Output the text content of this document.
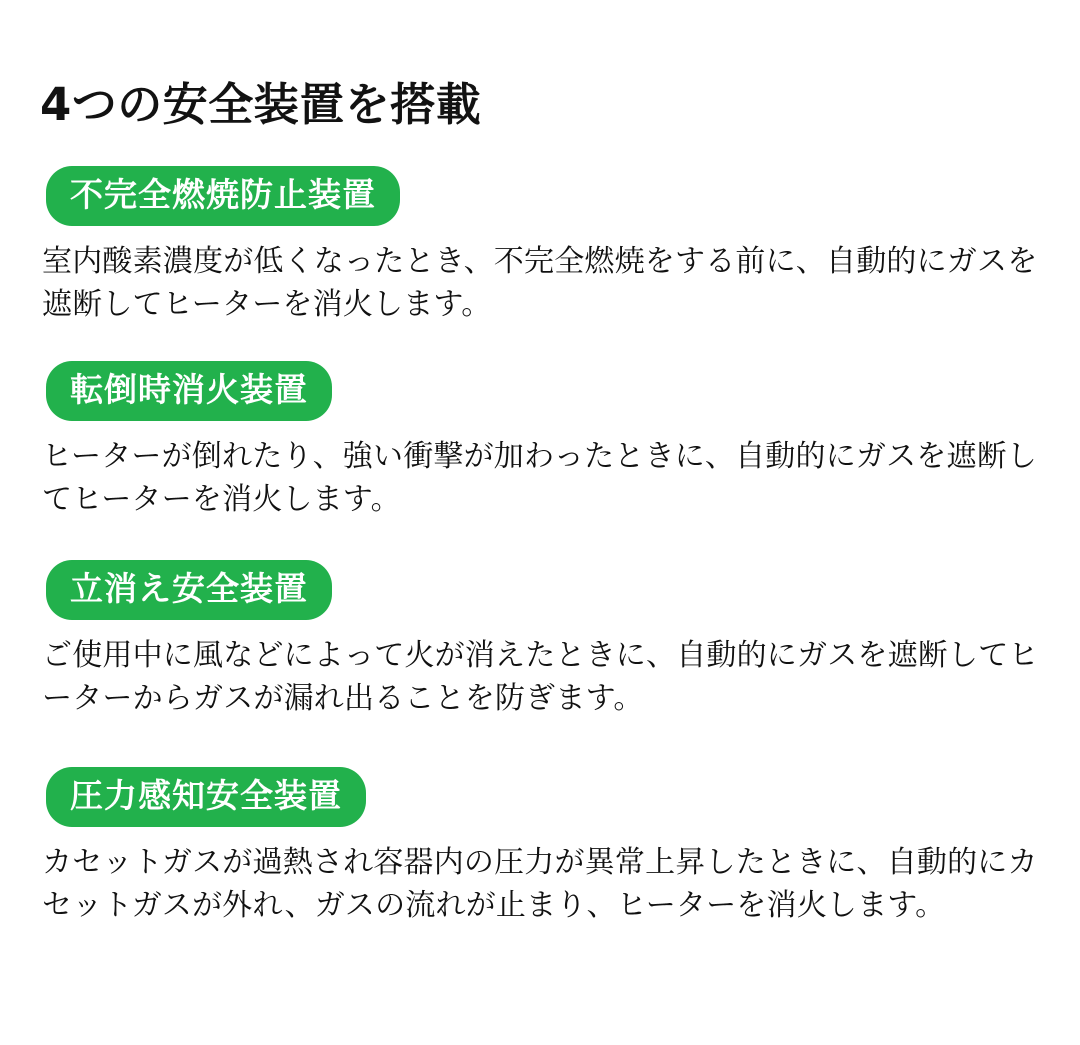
4つの安全装置を搭載
不完全燃焼防止装置

室内酸素濃度が低くなったとき、不完全燃焼をする前に、自動的にガスを遮断してヒーターを消火します。

転倒時消火装置

ヒーターが倒れたり、強い衝撃が加わったときに、自動的にガスを遮断してヒーターを消火します。

立消え安全装置

ご使用中に風などによって火が消えたときに、自動的にガスを遮断してヒーターからガスが漏れ出ることを防ぎます。

圧力感知安全装置

カセットガスが過熱され容器内の圧力が異常上昇したときに、自動的にカセットガスが外れ、ガスの流れが止まり、ヒーターを消火します。
